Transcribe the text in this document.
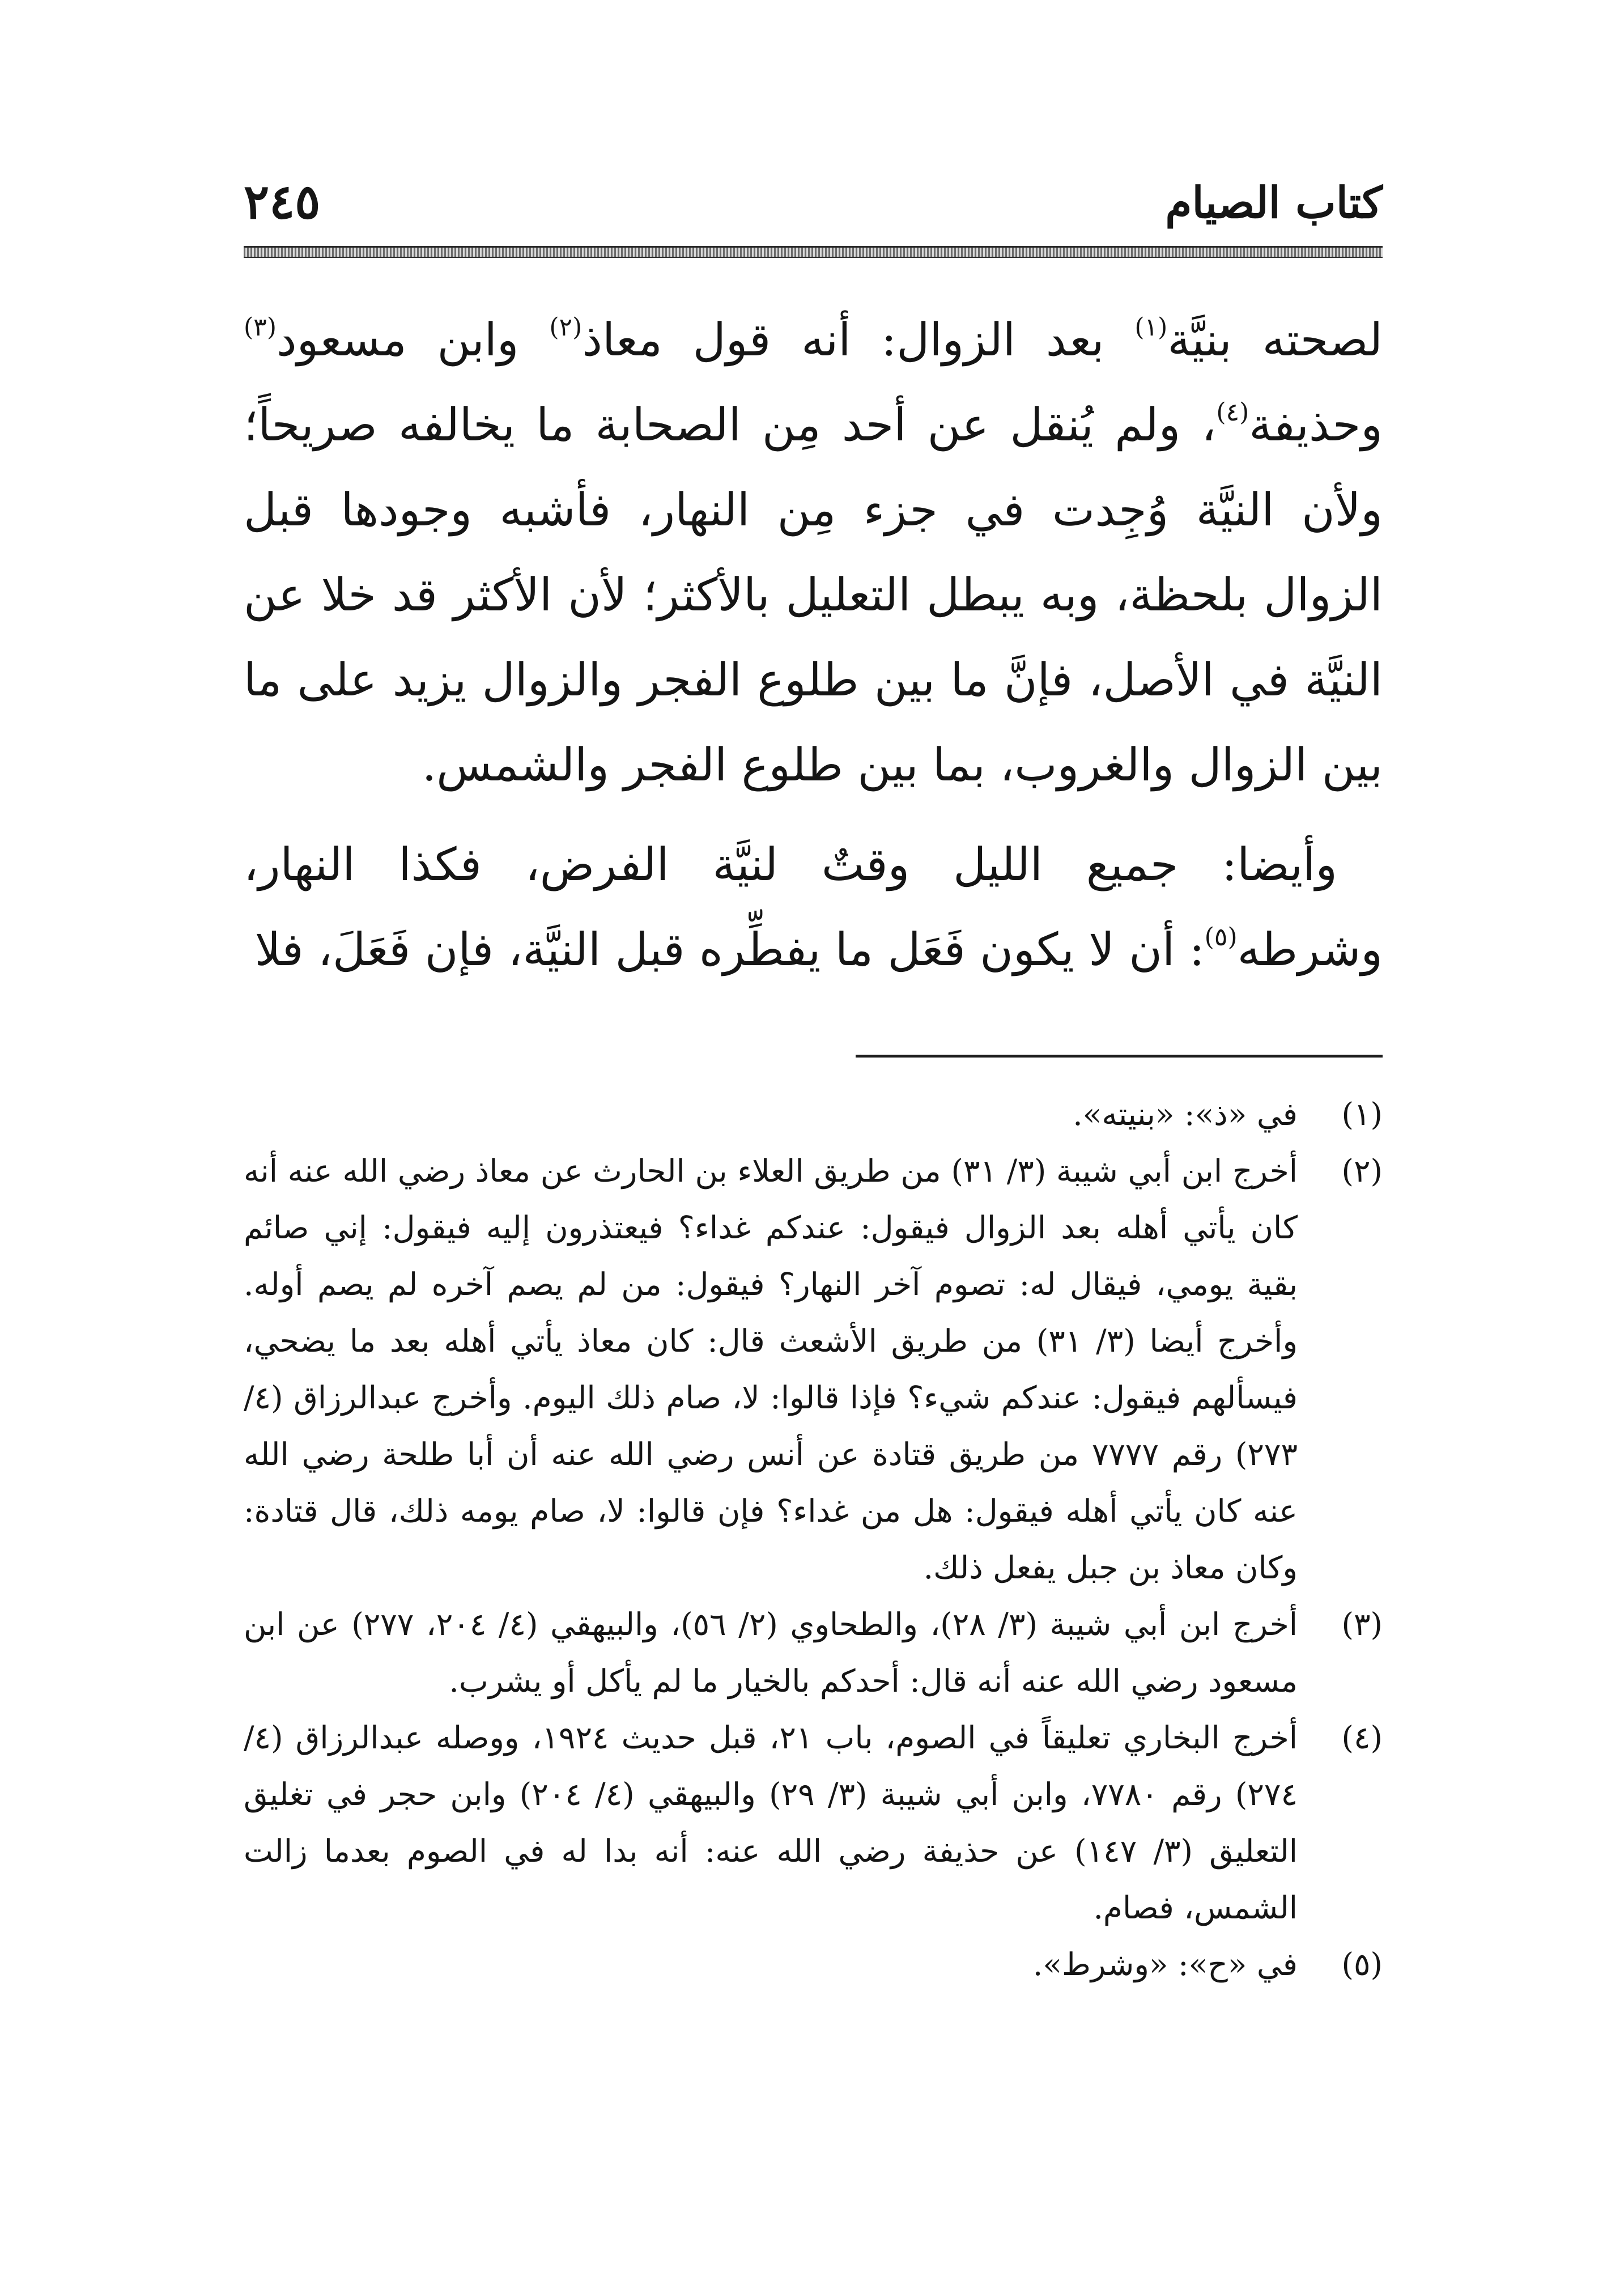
كتاب الصيام
٢٤٥

لصحته بنيَّة$^{(١)}$ بعد الزوال: أنه قول معاذ$^{(٢)}$ وابن مسعود$^{(٣)}$ وحذيفة$^{(٤)}$، ولم يُنقل عن أحد مِن الصحابة ما يخالفه صريحاً؛ ولأن النيَّة وُجِدت في جزء مِن النهار، فأشبه وجودها قبل الزوال بلحظة، وبه يبطل التعليل بالأكثر؛ لأن الأكثر قد خلا عن النيَّة في الأصل، فإنَّ ما بين طلوع الفجر والزوال يزيد على ما بين الزوال والغروب، بما بين طلوع الفجر والشمس.

وأيضا: جميع الليل وقتٌ لنيَّة الفرض، فكذا النهار، وشرطه$^{(٥)}$: أن لا يكون فَعَل ما يفطِّره قبل النيَّة، فإن فَعَلَ، فلا

(١)
في «ذ»: «بنيته».
(٢)
أخرج ابن أبي شيبة (٣/ ٣١) من طريق العلاء بن الحارث عن معاذ رضي الله عنه أنه كان يأتي أهله بعد الزوال فيقول: عندكم غداء؟ فيعتذرون إليه فيقول: إني صائم بقية يومي، فيقال له: تصوم آخر النهار؟ فيقول: من لم يصم آخره لم يصم أوله. وأخرج أيضا (٣/ ٣١) من طريق الأشعث قال: كان معاذ يأتي أهله بعد ما يضحي، فيسألهم فيقول: عندكم شيء؟ فإذا قالوا: لا، صام ذلك اليوم. وأخرج عبدالرزاق (٤/ ٢٧٣) رقم ٧٧٧٧ من طريق قتادة عن أنس رضي الله عنه أن أبا طلحة رضي الله عنه كان يأتي أهله فيقول: هل من غداء؟ فإن قالوا: لا، صام يومه ذلك، قال قتادة: وكان معاذ بن جبل يفعل ذلك.
(٣)
أخرج ابن أبي شيبة (٣/ ٢٨)، والطحاوي (٢/ ٥٦)، والبيهقي (٤/ ٢٠٤، ٢٧٧) عن ابن مسعود رضي الله عنه أنه قال: أحدكم بالخيار ما لم يأكل أو يشرب.
(٤)
أخرج البخاري تعليقاً في الصوم، باب ٢١، قبل حديث ١٩٢٤، ووصله عبدالرزاق (٤/ ٢٧٤) رقم ٧٧٨٠، وابن أبي شيبة (٣/ ٢٩) والبيهقي (٤/ ٢٠٤) وابن حجر في تغليق التعليق (٣/ ١٤٧) عن حذيفة رضي الله عنه: أنه بدا له في الصوم بعدما زالت الشمس، فصام.
(٥)
في «ح»: «وشرط».
